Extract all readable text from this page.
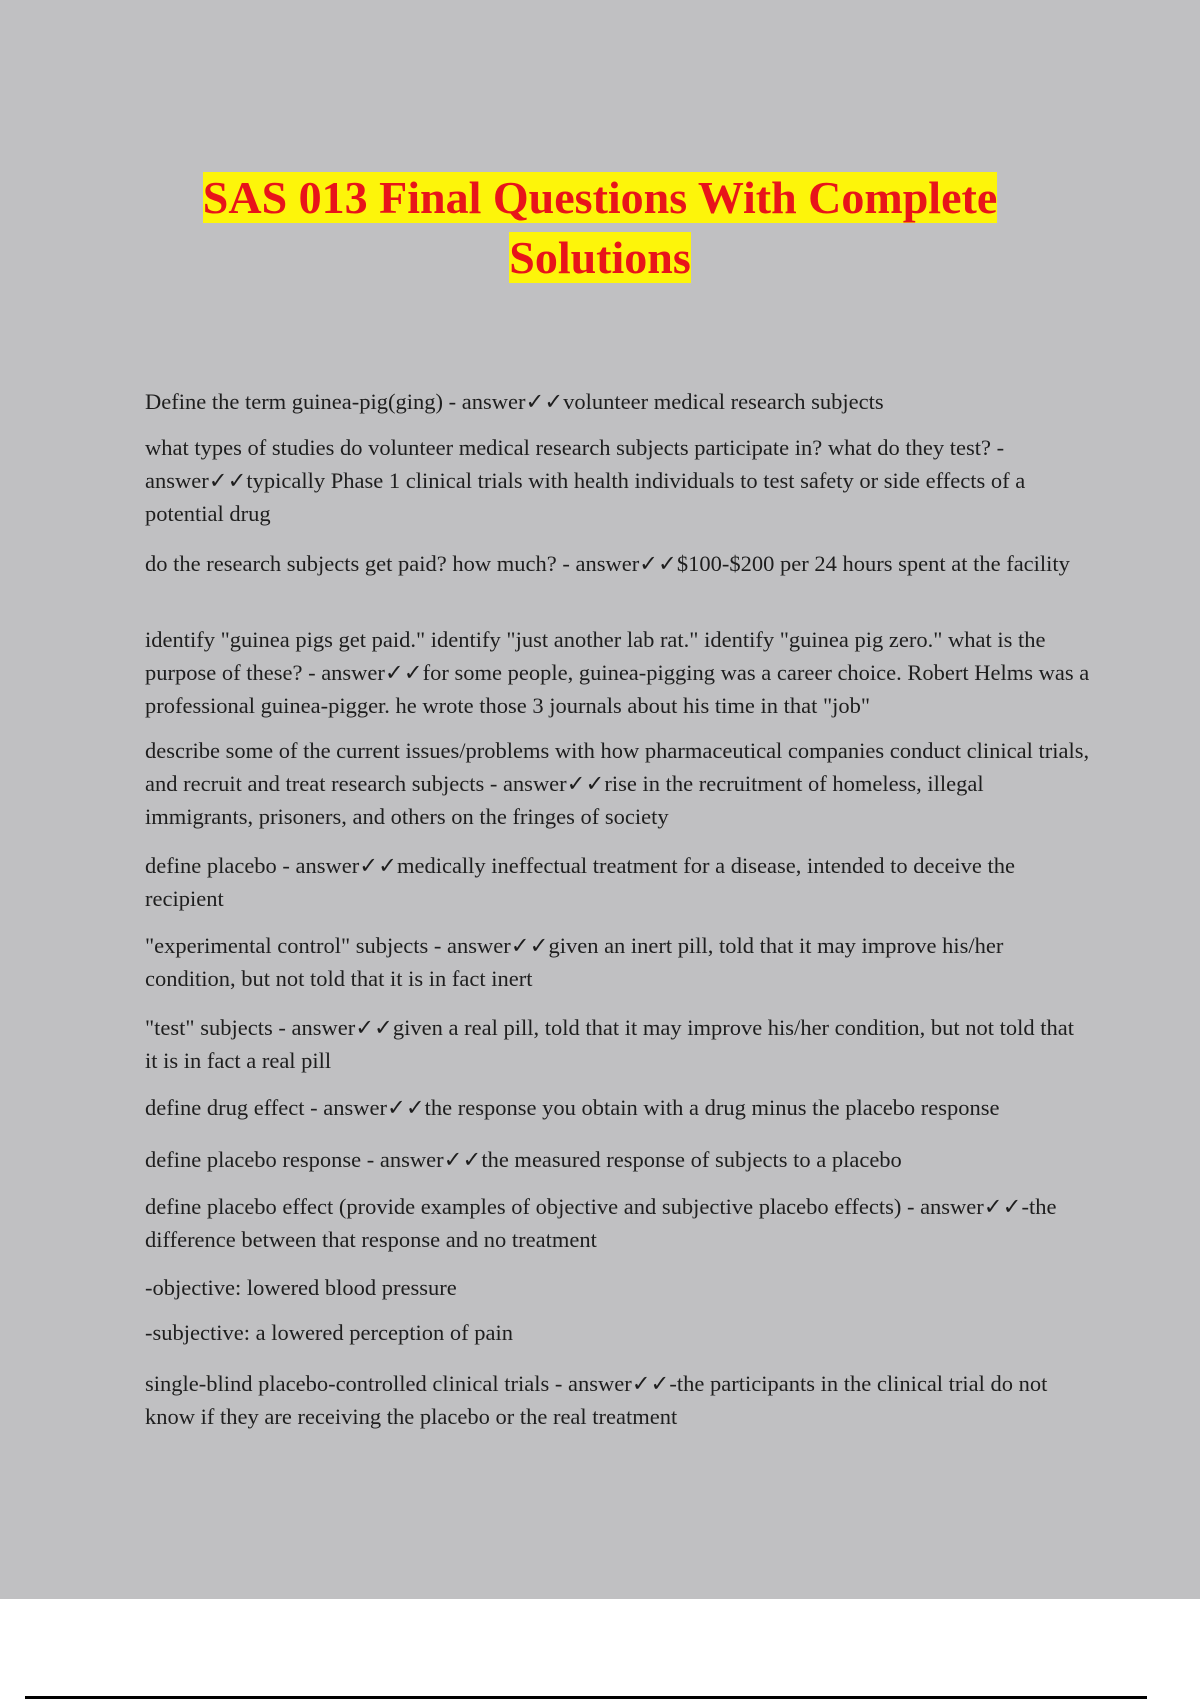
SAS 013 Final Questions With Complete
Solutions

Define the term guinea-pig(ging) - answer✓✓volunteer medical research subjects

what types of studies do volunteer medical research subjects participate in? what do they test? - answer✓✓typically Phase 1 clinical trials with health individuals to test safety or side effects of a potential drug

do the research subjects get paid? how much? - answer✓✓$100-$200 per 24 hours spent at the facility

identify "guinea pigs get paid." identify "just another lab rat." identify "guinea pig zero." what is the purpose of these? - answer✓✓for some people, guinea-pigging was a career choice. Robert Helms was a professional guinea-pigger. he wrote those 3 journals about his time in that "job"

describe some of the current issues/problems with how pharmaceutical companies conduct clinical trials, and recruit and treat research subjects - answer✓✓rise in the recruitment of homeless, illegal immigrants, prisoners, and others on the fringes of society

define placebo - answer✓✓medically ineffectual treatment for a disease, intended to deceive the recipient

"experimental control" subjects - answer✓✓given an inert pill, told that it may improve his/her condition, but not told that it is in fact inert

"test" subjects - answer✓✓given a real pill, told that it may improve his/her condition, but not told that it is in fact a real pill

define drug effect - answer✓✓the response you obtain with a drug minus the placebo response

define placebo response - answer✓✓the measured response of subjects to a placebo

define placebo effect (provide examples of objective and subjective placebo effects) - answer✓✓-the difference between that response and no treatment

-objective: lowered blood pressure

-subjective: a lowered perception of pain

single-blind placebo-controlled clinical trials - answer✓✓-the participants in the clinical trial do not know if they are receiving the placebo or the real treatment
